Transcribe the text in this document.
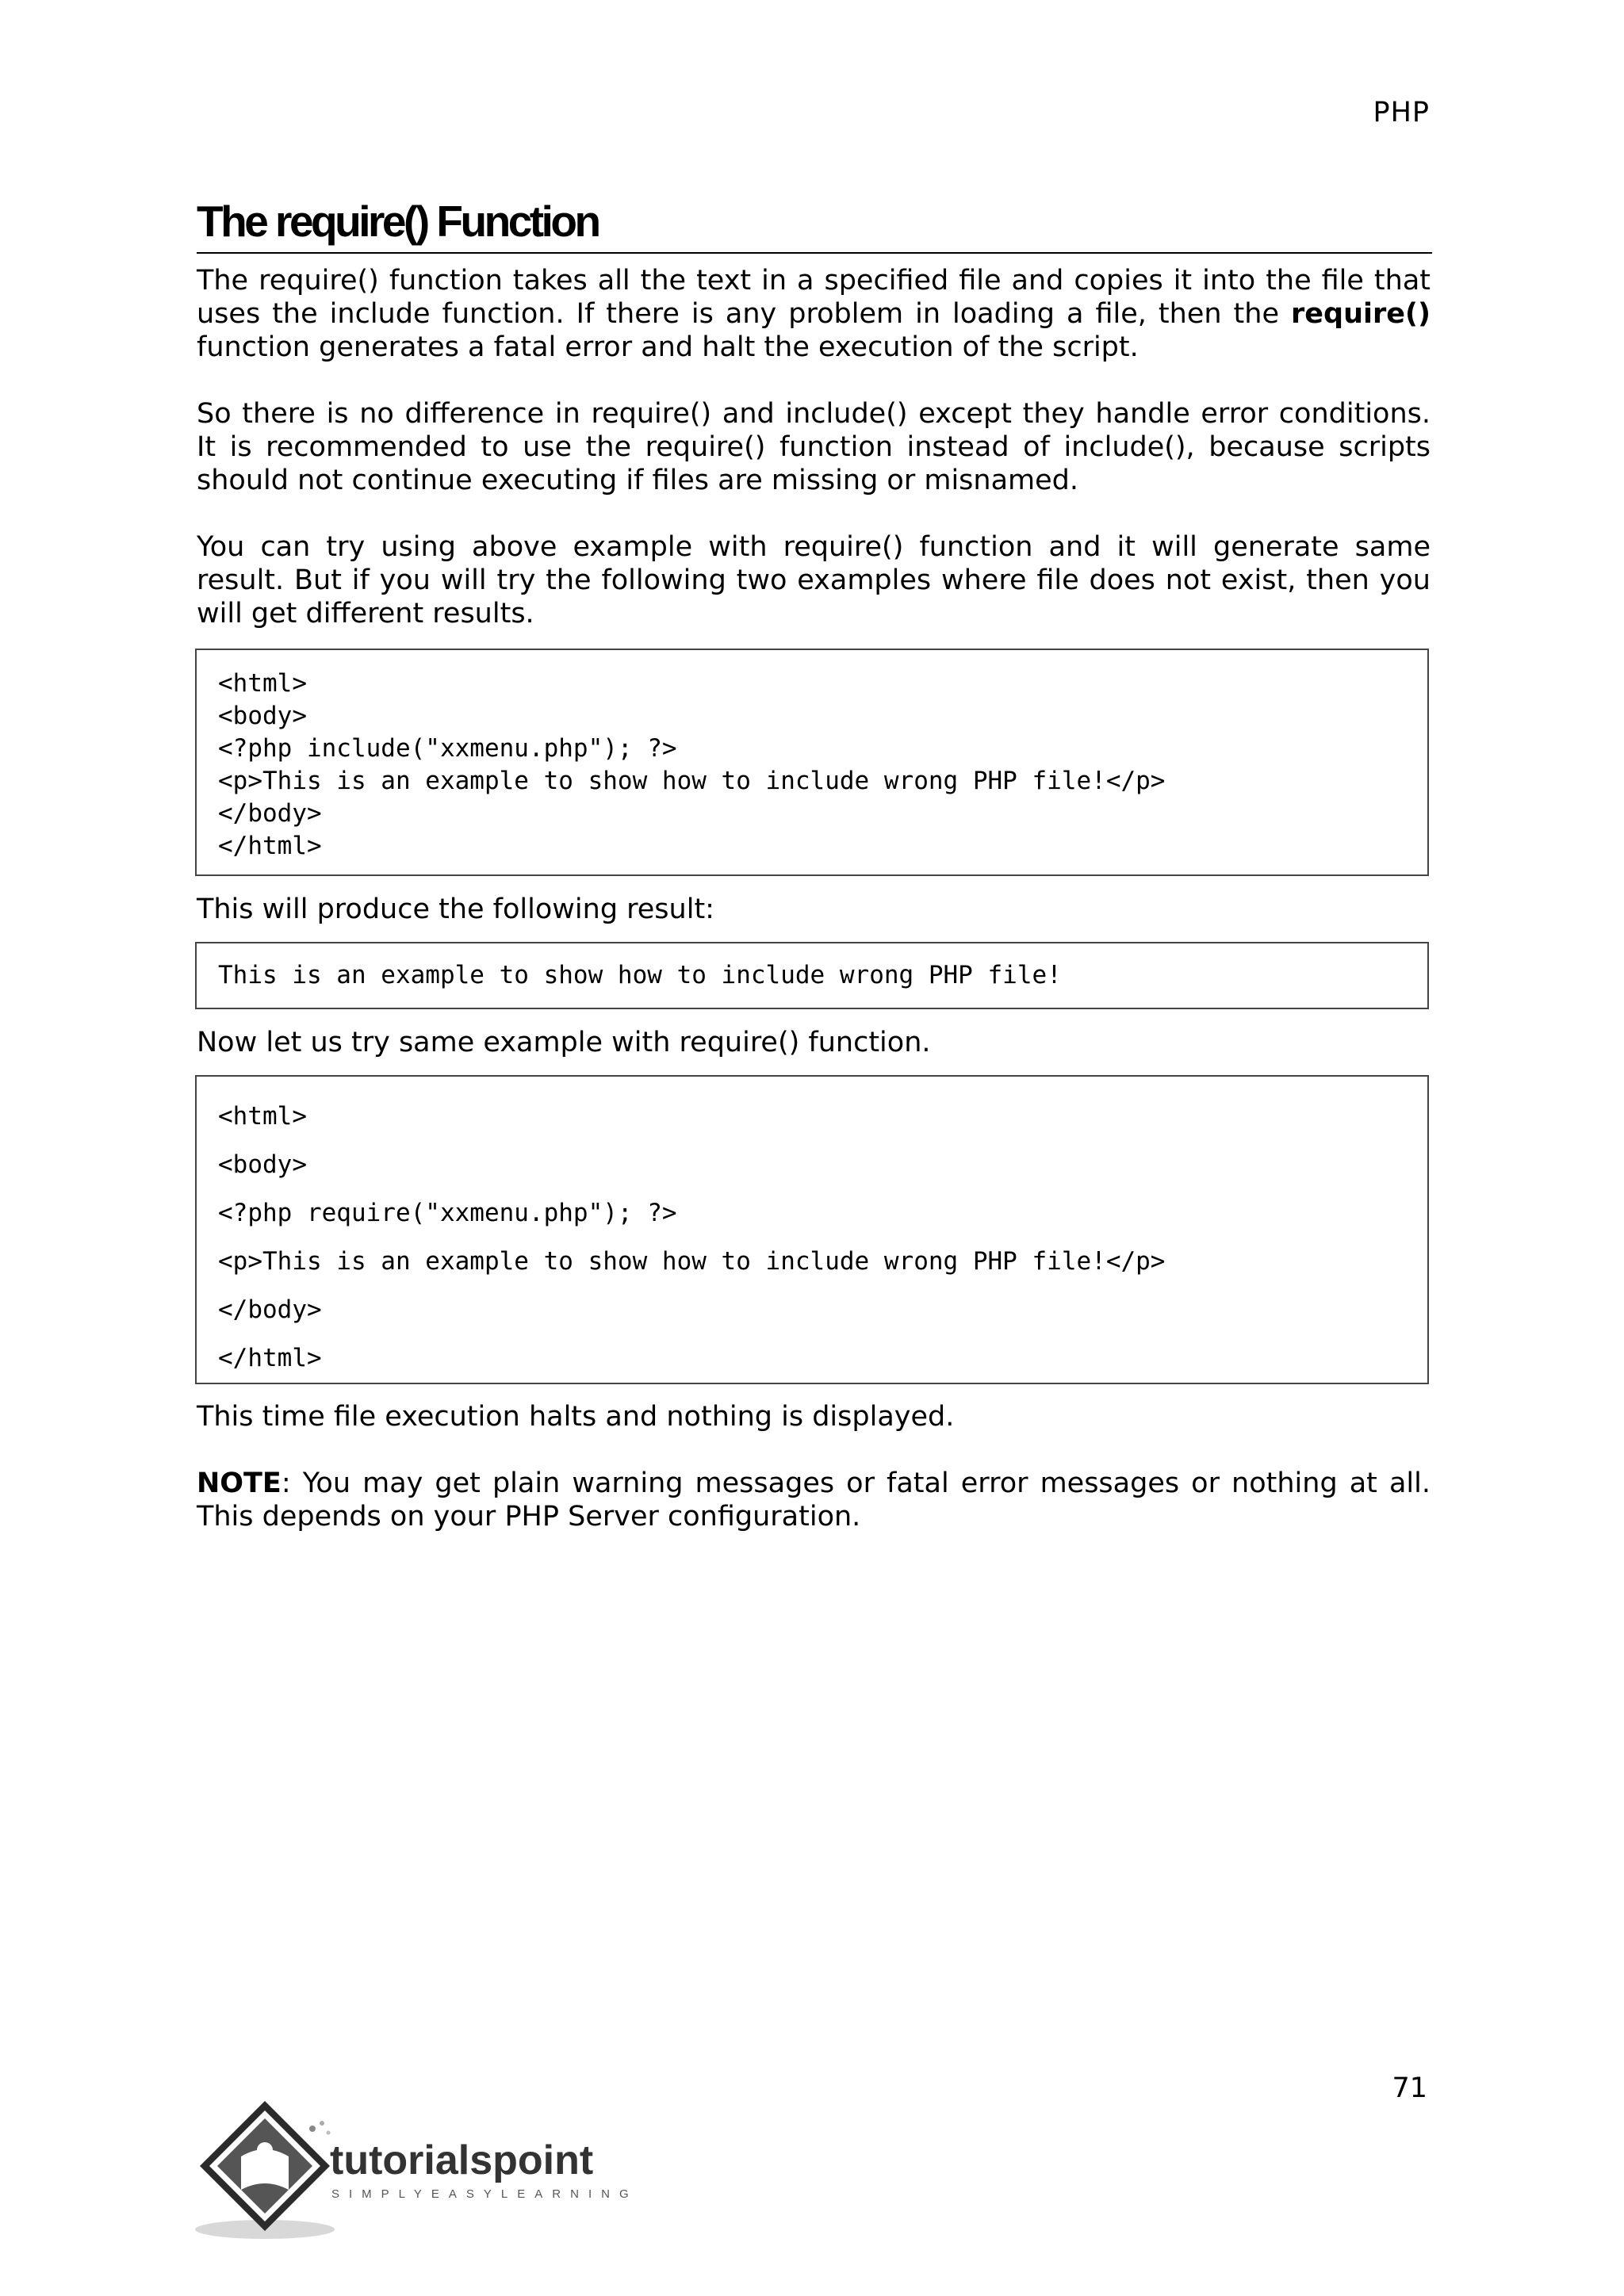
PHP
The require() Function
The require() function takes all the text in a specified file and copies it into the file that uses the include function. If there is any problem in loading a file, then the require() function generates a fatal error and halt the execution of the script.
So there is no difference in require() and include() except they handle error conditions. It is recommended to use the require() function instead of include(), because scripts should not continue executing if files are missing or misnamed.
You can try using above example with require() function and it will generate same result. But if you will try the following two examples where file does not exist, then you will get different results.
<html>
<body>
<?php include("xxmenu.php"); ?>
<p>This is an example to show how to include wrong PHP file!</p>
</body>
</html>
This will produce the following result:
This is an example to show how to include wrong PHP file!
Now let us try same example with require() function.
<html>
<body>
<?php require("xxmenu.php"); ?>
<p>This is an example to show how to include wrong PHP file!</p>
</body>
</html>
This time file execution halts and nothing is displayed.
NOTE: You may get plain warning messages or fatal error messages or nothing at all. This depends on your PHP Server configuration.
71
tutorialspoint
SIMPLYEASYLEARNING
